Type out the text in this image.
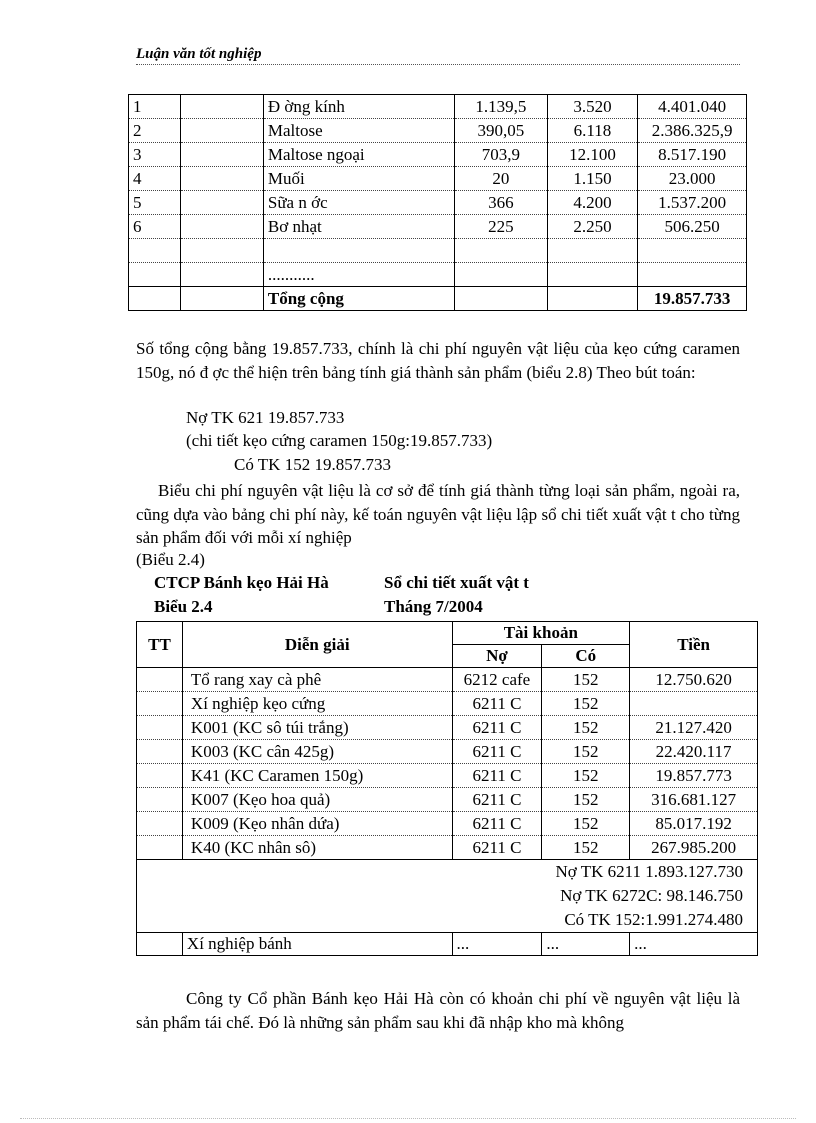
Luận văn tốt nghiệp
1		Đ ờng kính	1.139,5	3.520	4.401.040
2		Maltose	390,05	6.118	2.386.325,9
3		Maltose ngoại	703,9	12.100	8.517.190
4		Muối	20	1.150	23.000
5		Sữa n ớc	366	4.200	1.537.200
6		Bơ nhạt	225	2.250	506.250

		...........			
		Tổng cộng			19.857.733
Số tổng cộng bằng 19.857.733, chính là chi phí nguyên vật liệu của kẹo cứng caramen 150g, nó đ ợc thể hiện trên bảng tính giá thành sản phẩm (biểu 2.8) Theo bút toán:
Nợ TK 621 19.857.733
(chi tiết kẹo cứng caramen 150g:19.857.733)
Có TK 152 19.857.733
Biểu chi phí nguyên vật liệu là cơ sở để tính giá thành từng loại sản phẩm, ngoài ra, cũng dựa vào bảng chi phí này, kế toán nguyên vật liệu lập sổ chi tiết xuất vật t cho từng sản phẩm đối với mỗi xí nghiệp
(Biểu 2.4)
CTCP Bánh kẹo Hải Hà	Sổ chi tiết xuất vật t
Biểu 2.4	Tháng 7/2004
TT	Diễn giải	Tài khoản		Tiền
		Nợ	Có	
	Tổ rang xay cà phê	6212 cafe	152	12.750.620
	Xí nghiệp kẹo cứng	6211 C	152	
	K001 (KC sô túi trắng)	6211 C	152	21.127.420
	K003 (KC cân 425g)	6211 C	152	22.420.117
	K41 (KC Caramen 150g)	6211 C	152	19.857.773
	K007 (Kẹo hoa quả)	6211 C	152	316.681.127
	K009 (Kẹo nhân dứa)	6211 C	152	85.017.192
	K40 (KC nhân sô)	6211 C	152	267.985.200

Nợ TK 6211 1.893.127.730
Nợ TK 6272C: 98.146.750
Có TK 152:1.991.274.480				

	Xí nghiệp bánh	...	...	...
Công ty Cổ phần Bánh kẹo Hải Hà còn có khoản chi phí về nguyên vật liệu là sản phẩm tái chế. Đó là những sản phẩm sau khi đã nhập kho mà không
